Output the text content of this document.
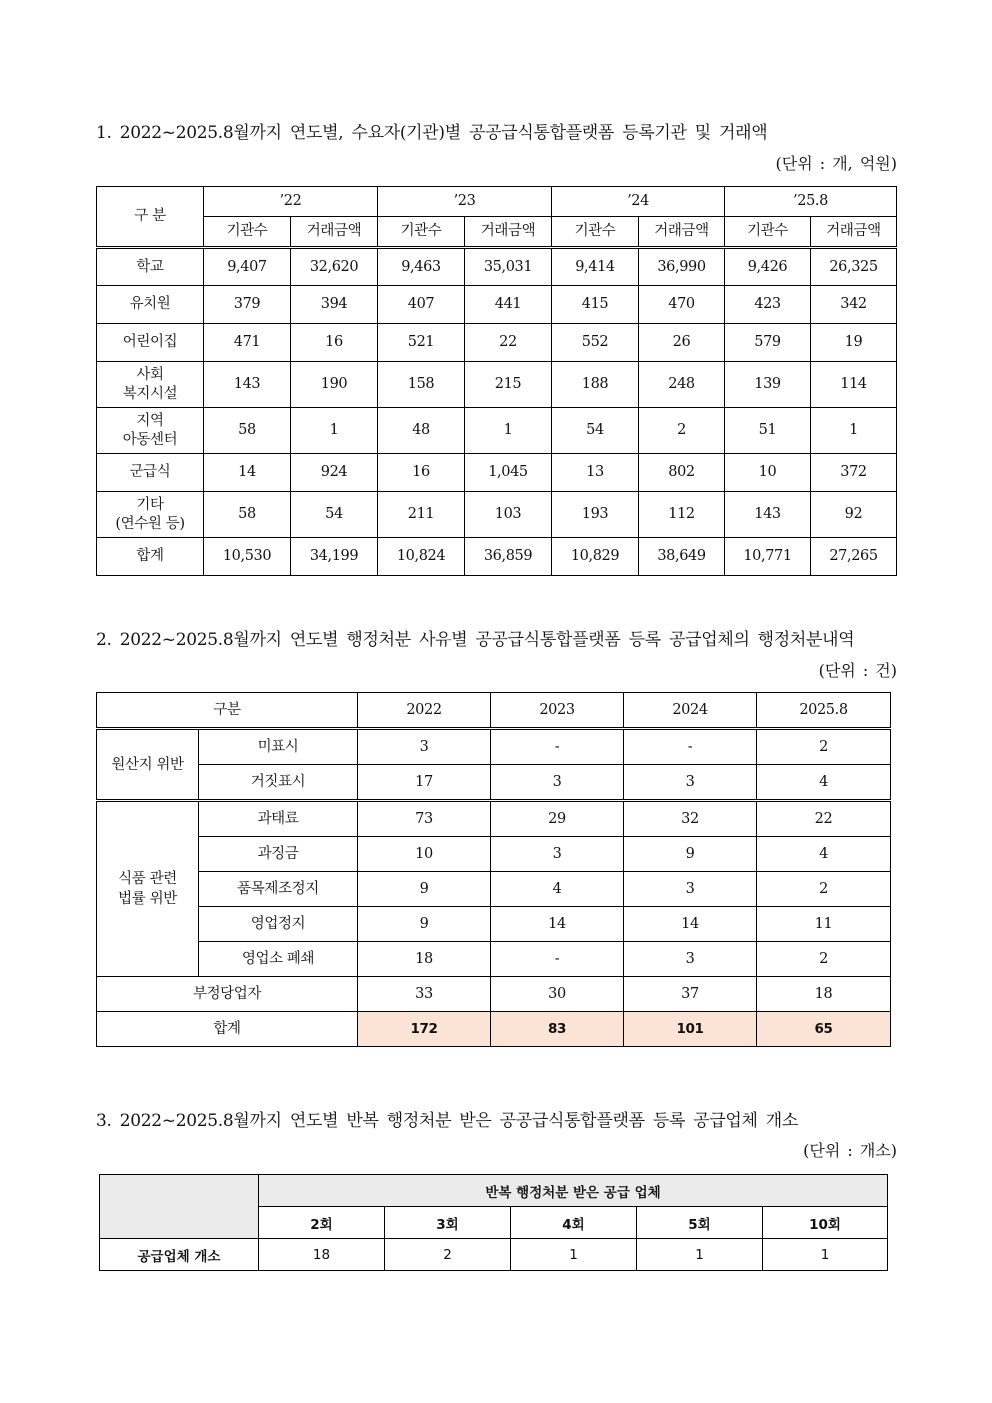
1. 2022~2025.8월까지 연도별, 수요자(기관)별 공공급식통합플랫폼 등록기관 및 거래액
(단위 : 개, 억원)
구 분	’22		’23		’24		’25.8	
	기관수	거래금액	기관수	거래금액	기관수	거래금액	기관수	거래금액

학교	9,407	32,620	9,463	35,031	9,414	36,990	9,426	26,325

유치원	379	394	407	441	415	470	423	342

어린이집	471	16	521	22	552	26	579	19

사회
복지시설	143	190	158	215	188	248	139	114

지역
아동센터	58	1	48	1	54	2	51	1

군급식	14	924	16	1,045	13	802	10	372

기타
(연수원 등)	58	54	211	103	193	112	143	92

합계	10,530	34,199	10,824	36,859	10,829	38,649	10,771	27,265
2. 2022~2025.8월까지 연도별 행정처분 사유별 공공급식통합플랫폼 등록 공급업체의 행정처분내역
(단위 : 건)
구분		2022	2023	2024	2025.8
원산지 위반	미표시	3	-	-	2
	거짓표시	17	3	3	4

식품 관련
법률 위반	과태료	73	29	32	22
	과징금	10	3	9	4
	품목제조정지	9	4	3	2
	영업정지	9	14	14	11
	영업소 폐쇄	18	-	3	2
부정당업자		33	30	37	18
합계		172	83	101	65
3. 2022~2025.8월까지 연도별 반복 행정처분 받은 공공급식통합플랫폼 등록 공급업체 개소
(단위 : 개소)
	반복 행정처분 받은 공급 업체				
	2회	3회	4회	5회	10회
공급업체 개소	18	2	1	1	1
